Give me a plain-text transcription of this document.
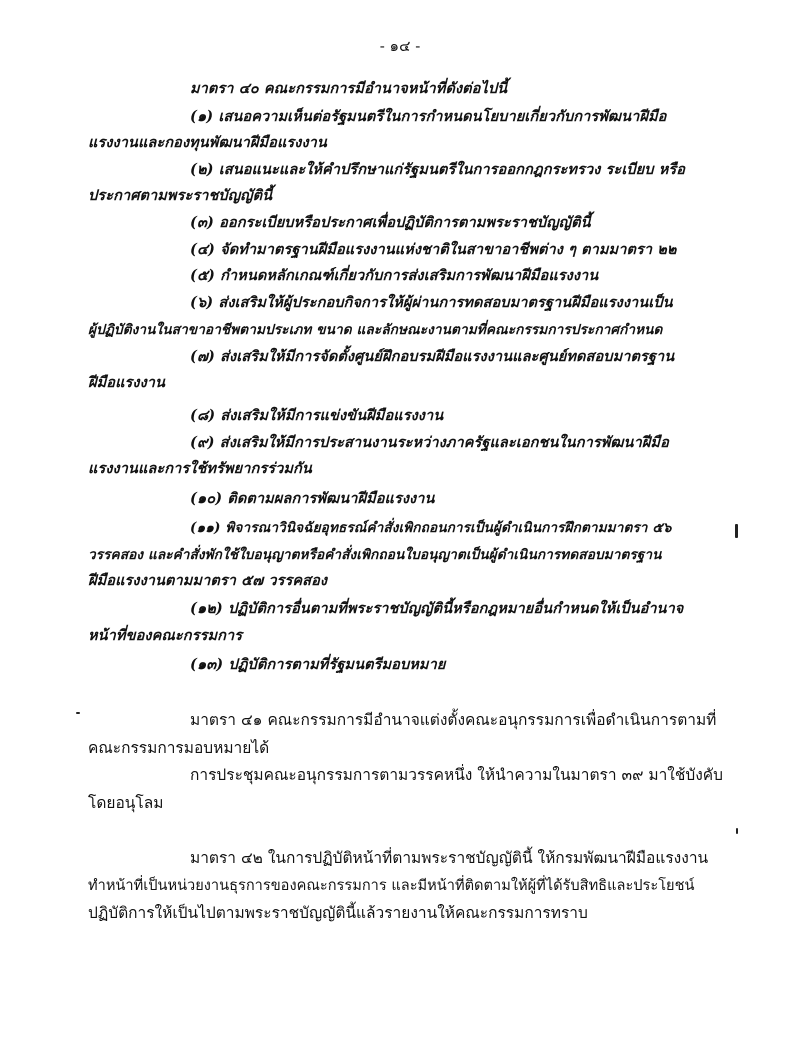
- ๑๔ -
มาตรา ๔๐ คณะกรรมการมีอำนาจหน้าที่ดังต่อไปนี้
(๑) เสนอความเห็นต่อรัฐมนตรีในการกำหนดนโยบายเกี่ยวกับการพัฒนาฝีมือ
แรงงานและกองทุนพัฒนาฝีมือแรงงาน
(๒) เสนอแนะและให้คำปรึกษาแก่รัฐมนตรีในการออกกฎกระทรวง ระเบียบ หรือ
ประกาศตามพระราชบัญญัตินี้
(๓) ออกระเบียบหรือประกาศเพื่อปฏิบัติการตามพระราชบัญญัตินี้
(๔) จัดทำมาตรฐานฝีมือแรงงานแห่งชาติในสาขาอาชีพต่าง ๆ ตามมาตรา ๒๒
(๕) กำหนดหลักเกณฑ์เกี่ยวกับการส่งเสริมการพัฒนาฝีมือแรงงาน
(๖) ส่งเสริมให้ผู้ประกอบกิจการให้ผู้ผ่านการทดสอบมาตรฐานฝีมือแรงงานเป็น
ผู้ปฏิบัติงานในสาขาอาชีพตามประเภท ขนาด และลักษณะงานตามที่คณะกรรมการประกาศกำหนด
(๗) ส่งเสริมให้มีการจัดตั้งศูนย์ฝึกอบรมฝีมือแรงงานและศูนย์ทดสอบมาตรฐาน
ฝีมือแรงงาน
(๘) ส่งเสริมให้มีการแข่งขันฝีมือแรงงาน
(๙) ส่งเสริมให้มีการประสานงานระหว่างภาครัฐและเอกชนในการพัฒนาฝีมือ
แรงงานและการใช้ทรัพยากรร่วมกัน
(๑๐) ติดตามผลการพัฒนาฝีมือแรงงาน
(๑๑) พิจารณาวินิจฉัยอุทธรณ์คำสั่งเพิกถอนการเป็นผู้ดำเนินการฝึกตามมาตรา ๕๖
วรรคสอง และคำสั่งพักใช้ใบอนุญาตหรือคำสั่งเพิกถอนใบอนุญาตเป็นผู้ดำเนินการทดสอบมาตรฐาน
ฝีมือแรงงานตามมาตรา ๕๗ วรรคสอง
(๑๒) ปฏิบัติการอื่นตามที่พระราชบัญญัตินี้หรือกฎหมายอื่นกำหนดให้เป็นอำนาจ
หน้าที่ของคณะกรรมการ
(๑๓) ปฏิบัติการตามที่รัฐมนตรีมอบหมาย
มาตรา ๔๑ คณะกรรมการมีอำนาจแต่งตั้งคณะอนุกรรมการเพื่อดำเนินการตามที่
คณะกรรมการมอบหมายได้
การประชุมคณะอนุกรรมการตามวรรคหนึ่ง ให้นำความในมาตรา ๓๙ มาใช้บังคับ
โดยอนุโลม
มาตรา ๔๒ ในการปฏิบัติหน้าที่ตามพระราชบัญญัตินี้ ให้กรมพัฒนาฝีมือแรงงาน
ทำหน้าที่เป็นหน่วยงานธุรการของคณะกรรมการ และมีหน้าที่ติดตามให้ผู้ที่ได้รับสิทธิและประโยชน์
ปฏิบัติการให้เป็นไปตามพระราชบัญญัตินี้แล้วรายงานให้คณะกรรมการทราบ
